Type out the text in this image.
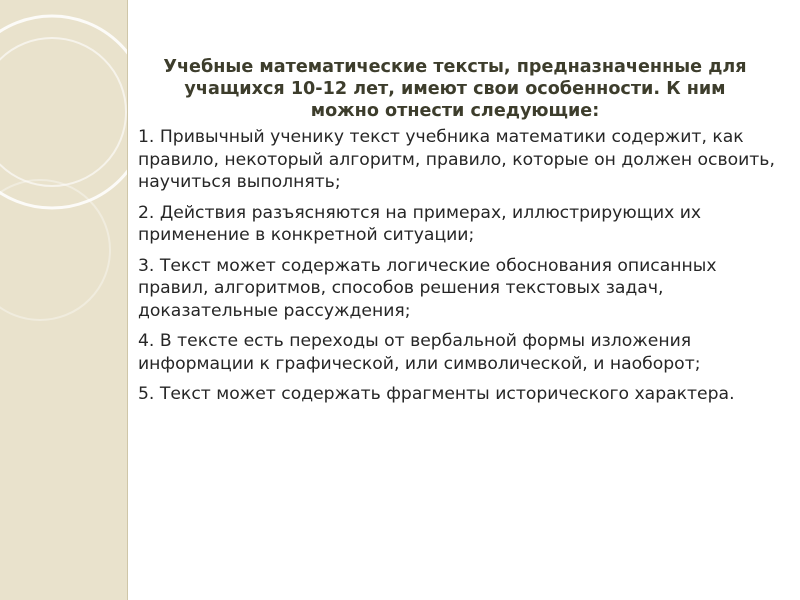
Учебные математические тексты, предназначенные для учащихся 10-12 лет, имеют свои особенности. К ним можно отнести следующие:
1. Привычный ученику текст учебника математики содержит, как правило, некоторый алгоритм, правило, которые он должен освоить, научиться выполнять;
2. Действия разъясняются на примерах, иллюстрирующих их применение в конкретной ситуации;
3. Текст может содержать логические обоснования описанных правил, алгоритмов, способов решения текстовых задач, доказательные рассуждения;
4. В тексте есть переходы от вербальной формы изложения информации к графической, или символической, и наоборот;
5. Текст может содержать фрагменты исторического характера.
